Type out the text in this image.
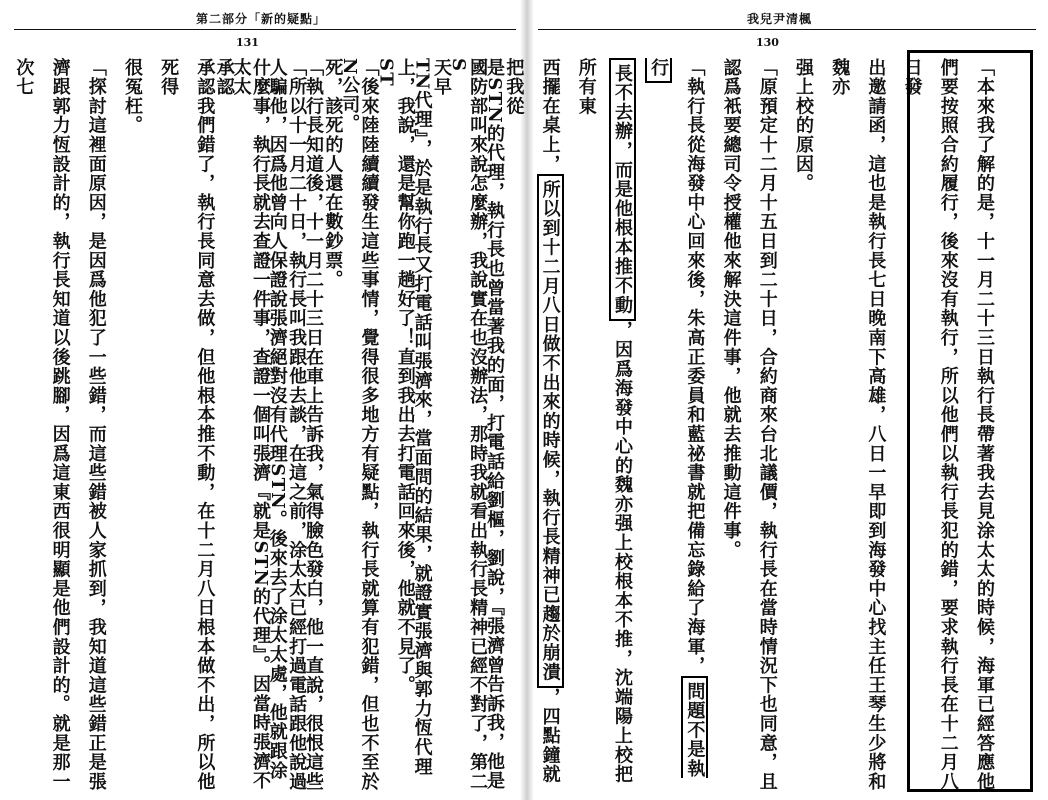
第二部分「新的疑點」
131

是STN的代理，執行長也曾當著我的面，打電話給劉樞，劉說，『張濟曾告訴我，他是S

TN代理』，於是執行長又打電話叫張濟來，當面問的結果，就證實張濟與郭力恆代理ST

N公司。

「執行長知道後，十一月二十三日在車上告訴我，氣得臉色發白，他一直說，很恨這些

人騙他，因爲他曾向人保證說張濟絕對沒有代理STN。後來去了涂太太處，他就跟涂太太

承認我們錯了，執行長同意去做，但他根本推不動，在十二月八日根本做不出，所以他死得

很冤枉。

「探討這裡面原因，是因爲他犯了一些錯，而這些錯被人家抓到，我知道這些錯正是張

濟跟郭力恆設計的，執行長知道以後跳腳，因爲這東西很明顯是他們設計的。就是那一次七

我兒尹清楓
130

「本來我了解的是，十一月二十三日執行長帶著我去見涂太太的時候，海軍已經答應他

們要按照合約履行，後來沒有執行，所以他們以執行長犯的錯，要求執行長在十二月八日發

出邀請函，這也是執行長七日晚南下高雄，八日一早即到海發中心找主任王琴生少將和魏亦

强上校的原因。

「原預定十二月十五日到二十日，合約商來台北議價，執行長在當時情況下也同意，且

認爲衹要總司令授權他來解決這件事，他就去推動這件事。

「執行長從海發中心回來後，朱高正委員和藍祕書就把備忘錄給了海軍，問題不是執行

長不去辦，而是他根本推不動，因爲海發中心的魏亦强上校根本不推，沈端陽上校把所有東

西擺在桌上，所以到十二月八日做不出來的時候，執行長精神已趨於崩潰，四點鐘就把我從

國防部叫來說怎麼辦，我說實在也沒辦法，那時我就看出執行長精神已經不對了，第二天早

上，我說，還是幫你跑一趟好了！直到我出去打電話回來後，他就不見了。

「後來陸陸續續發生這些事情，覺得很多地方有疑點，執行長就算有犯錯，但也不至於

死，該死的人還在數鈔票。

「所以十一月二十日，執行長叫我跟他去談，在這之前，涂太太已經打過電話跟他說過

什麼事，執行長就去查證一件事，查證一個叫張濟『就是STN的代理』。因當時張濟不承認
